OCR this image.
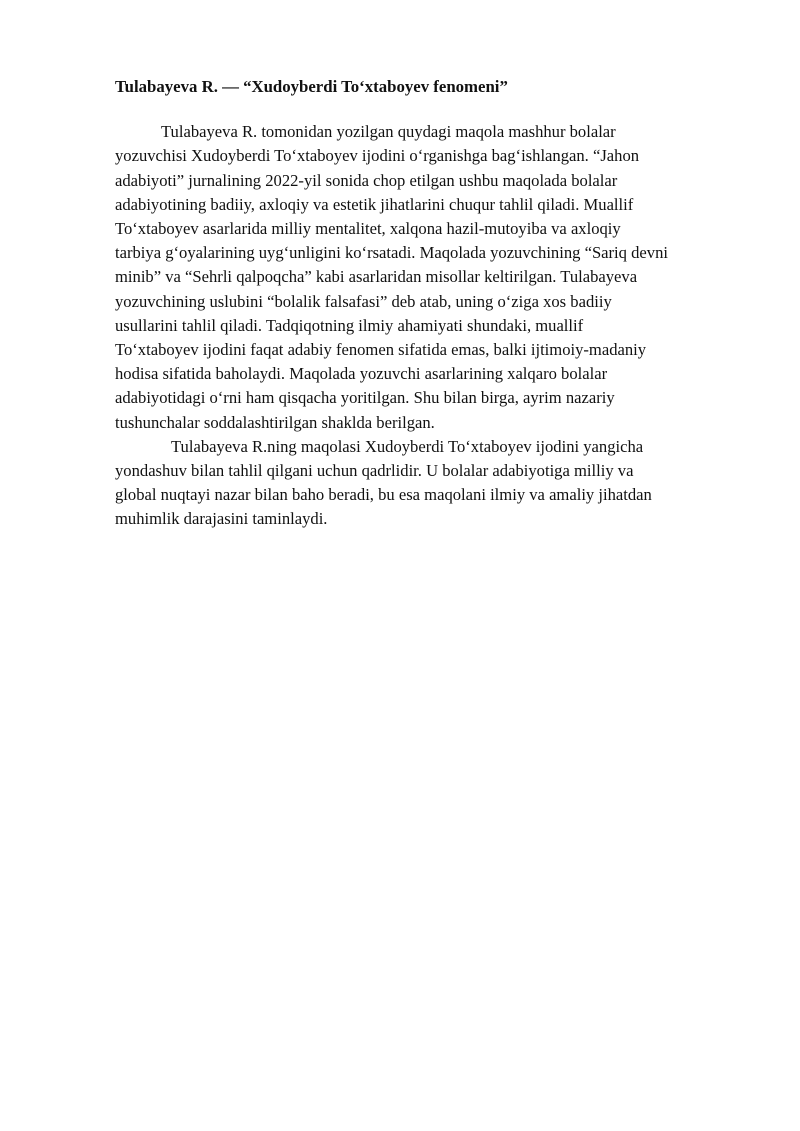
Tulabayeva R. — “Xudoyberdi To‘xtaboyev fenomeni”

Tulabayeva R. tomonidan yozilgan quydagi maqola mashhur bolalar
yozuvchisi Xudoyberdi To‘xtaboyev ijodini o‘rganishga bag‘ishlangan. “Jahon
adabiyoti” jurnalining 2022-yil sonida chop etilgan ushbu maqolada bolalar
adabiyotining badiiy, axloqiy va estetik jihatlarini chuqur tahlil qiladi. Muallif
To‘xtaboyev asarlarida milliy mentalitet, xalqona hazil-mutoyiba va axloqiy
tarbiya g‘oyalarining uyg‘unligini ko‘rsatadi. Maqolada yozuvchining “Sariq devni
minib” va “Sehrli qalpoqcha” kabi asarlaridan misollar keltirilgan. Tulabayeva
yozuvchining uslubini “bolalik falsafasi” deb atab, uning o‘ziga xos badiiy
usullarini tahlil qiladi. Tadqiqotning ilmiy ahamiyati shundaki, muallif
To‘xtaboyev ijodini faqat adabiy fenomen sifatida emas, balki ijtimoiy-madaniy
hodisa sifatida baholaydi. Maqolada yozuvchi asarlarining xalqaro bolalar
adabiyotidagi o‘rni ham qisqacha yoritilgan. Shu bilan birga, ayrim nazariy
tushunchalar soddalashtirilgan shaklda berilgan.

Tulabayeva R.ning maqolasi Xudoyberdi To‘xtaboyev ijodini yangicha
yondashuv bilan tahlil qilgani uchun qadrlidir. U bolalar adabiyotiga milliy va
global nuqtayi nazar bilan baho beradi, bu esa maqolani ilmiy va amaliy jihatdan
muhimlik darajasini taminlaydi.
